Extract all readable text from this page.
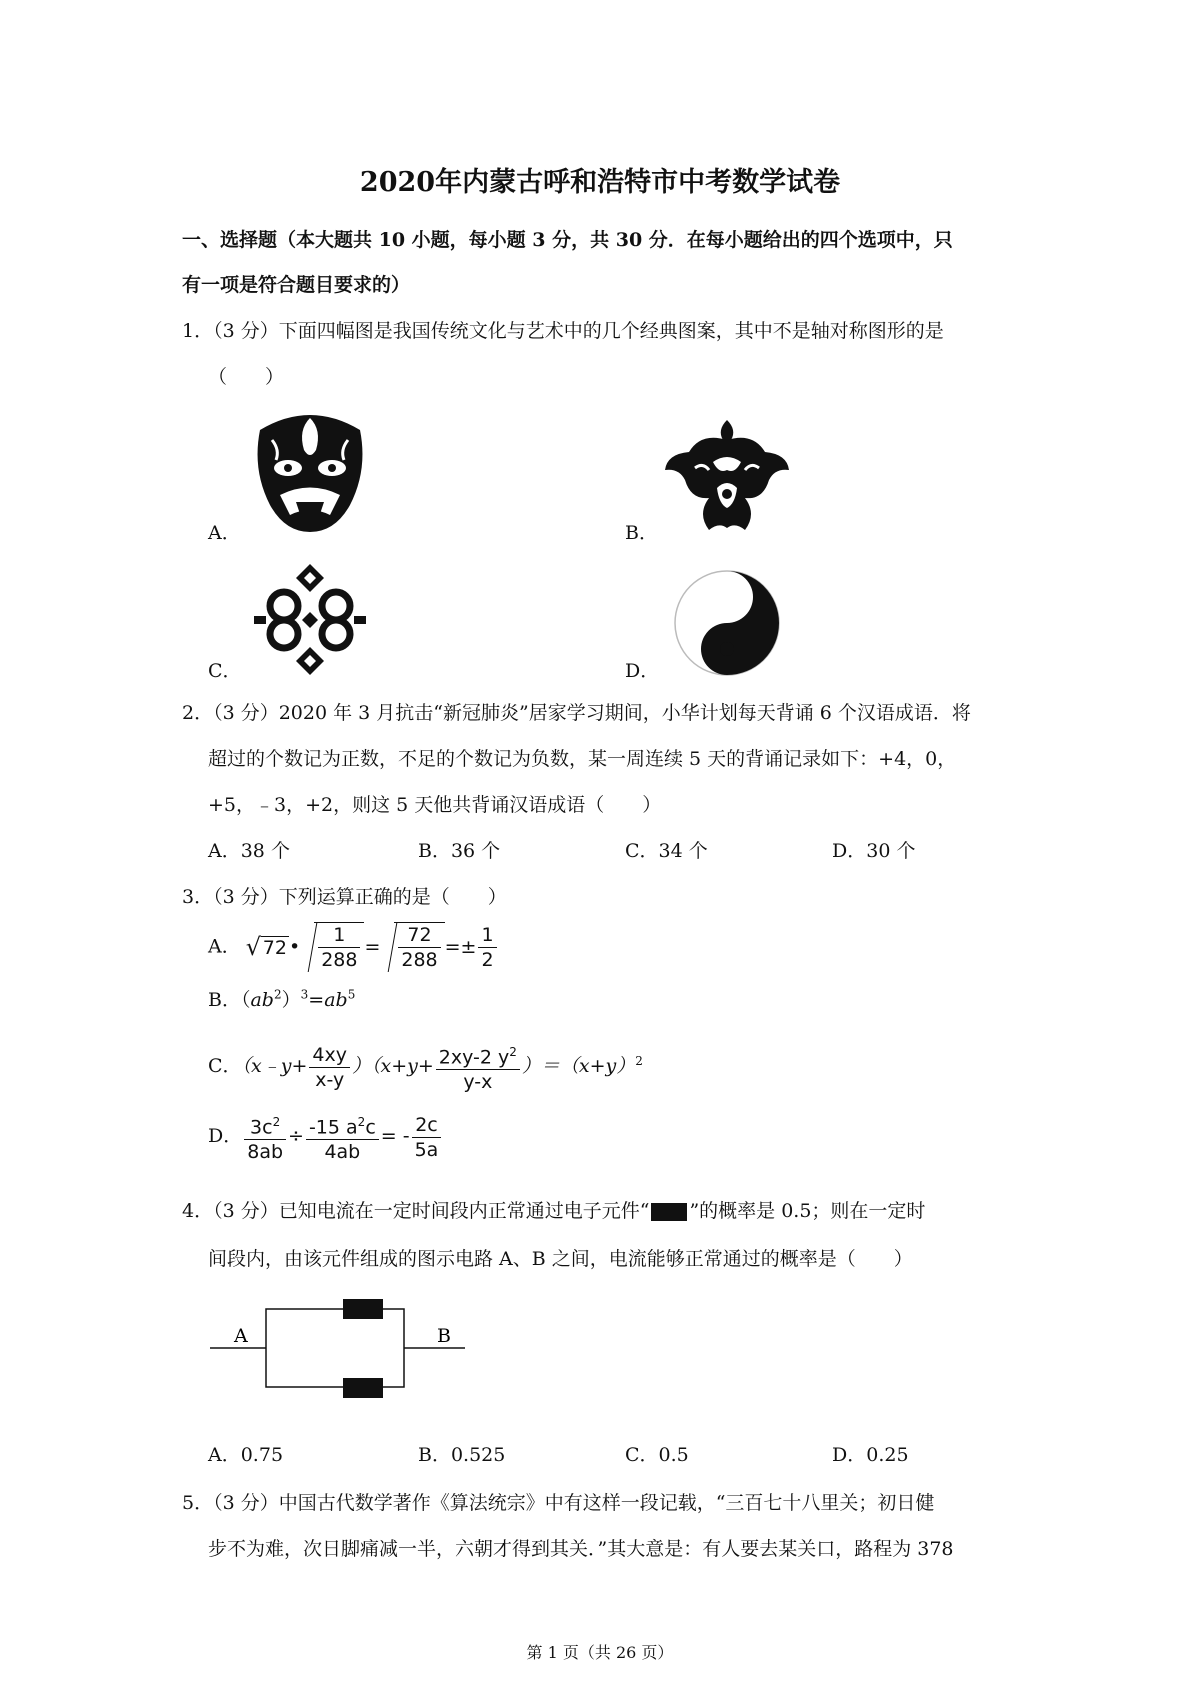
2020年内蒙古呼和浩特市中考数学试卷
一、选择题（本大题共 10 小题，每小题 3 分，共 30 分．在每小题给出的四个选项中，只
有一项是符合题目要求的）
1．（3 分）下面四幅图是我国传统文化与艺术中的几个经典图案，其中不是轴对称图形的是
（　　）
A．	B．
C．	D．
2．（3 分）2020 年 3 月抗击“新冠肺炎”居家学习期间，小华计划每天背诵 6 个汉语成语．将
超过的个数记为正数，不足的个数记为负数，某一周连续 5 天的背诵记录如下：+4，0，
+5，﹣3，+2，则这 5 天他共背诵汉语成语（　　）
A．38 个	B．36 个	C．34 个	D．30 个
3．（3 分）下列运算正确的是（　　）
A． √ 72 • $\frac{1}{288} = \frac{72}{288} =\pm \frac{1}{2}$
B．$(ab^2)^3=ab^5$
C．（x﹣y+ $\frac{4xy}{x-y} )(x+y+ \frac{2xy-2 y^2}{y-x} )=(x+y)^2$
D． $\frac{3c^2}{8ab} \div \frac{-15 a^2c}{4ab}$ = - $\frac{2c}{5a}$
4．（3 分）已知电流在一定时间段内正常通过电子元件“ ”的概率是 0.5；则在一定时
间段内，由该元件组成的图示电路 A、B 之间，电流能够正常通过的概率是（　　）
A	B
A．0.75	B．0.525	C．0.5	D．0.25
5．（3 分）中国古代数学著作《算法统宗》中有这样一段记载，“三百七十八里关；初日健
步不为难，次日脚痛减一半，六朝才得到其关．”其大意是：有人要去某关口，路程为 378
第 1 页（共 26 页）
